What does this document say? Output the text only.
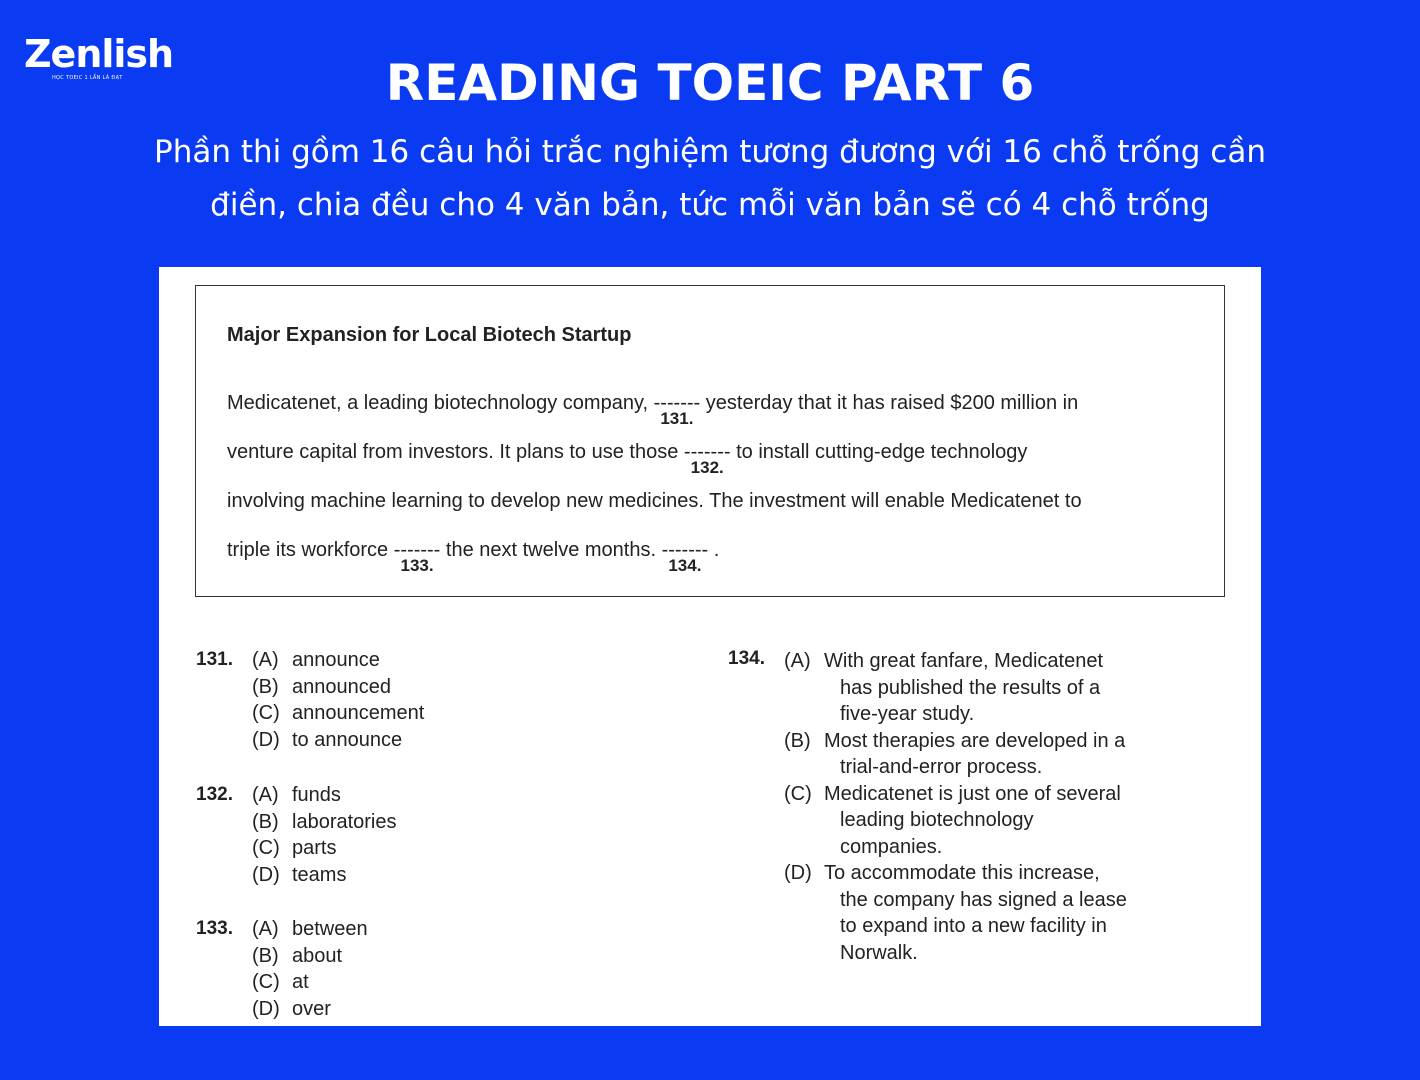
Zenlish
HỌC TOEIC 1 LẦN LÀ ĐẠT	READING TOEIC PART 6
Phần thi gồm 16 câu hỏi trắc nghiệm tương đương với 16 chỗ trống cần
điền, chia đều cho 4 văn bản, tức mỗi văn bản sẽ có 4 chỗ trống
Major Expansion for Local Biotech Startup
Medicatenet, a leading biotechnology company, -------
131.
yesterday that it has raised $200 million in
venture capital from investors. It plans to use those -------
132.
to install cutting-edge technology
involving machine learning to develop new medicines. The investment will enable Medicatenet to
triple its workforce -------
133.
the next twelve months. -------
134.
.
131. (A) announce
(B) announced
(C) announcement
(D) to announce
132. (A) funds
(B) laboratories
(C) parts
(D) teams
133. (A) between
(B) about
(C) at
(D) over
134. (A) With great fanfare, Medicatenet
has published the results of a
five-year study.
(B) Most therapies are developed in a
trial-and-error process.
(C) Medicatenet is just one of several
leading biotechnology
companies.
(D) To accommodate this increase,
the company has signed a lease
to expand into a new facility in
Norwalk.
